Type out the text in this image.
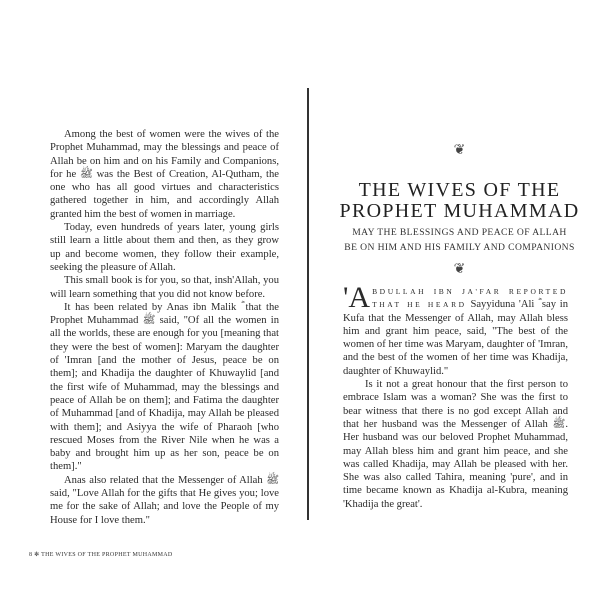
Among the best of women were the wives of the Prophet Muhammad, may the blessings and peace of Allah be on him and on his Family and Companions, for he ﷺ was the Best of Creation, Al-Qutham, the one who has all good virtues and characteristics gathered together in him, and accordingly Allah granted him the best of women in marriage.

Today, even hundreds of years later, young girls still learn a little about them and then, as they grow up and become women, they follow their example, seeking the pleasure of Allah.

This small book is for you, so that, insh'Allah, you will learn something that you did not know before.

It has been related by Anas ibn Malik ؓ that the Prophet Muhammad ﷺ said, "Of all the women in all the worlds, these are enough for you [meaning that they were the best of women]: Maryam the daughter of 'Imran [and the mother of Jesus, peace be on them]; and Khadija the daughter of Khuwaylid [and the first wife of Muhammad, may the blessings and peace of Allah be on them]; and Fatima the daughter of Muhammad [and of Khadija, may Allah be pleased with them]; and Asiyya the wife of Pharaoh [who rescued Moses from the River Nile when he was a baby and brought him up as her son, peace be on them]."

Anas also related that the Messenger of Allah ﷺ said, "Love Allah for the gifts that He gives you; love me for the sake of Allah; and love the People of my House for I love them."

8 ✻ THE WIVES OF THE PROPHET MUHAMMAD
❦
THE WIVES OF THE
PROPHET MUHAMMAD
MAY THE BLESSINGS AND PEACE OF ALLAH
BE ON HIM AND HIS FAMILY AND COMPANIONS
❦

'ABDULLAH IBN JA'FAR REPORTED THAT HE HEARD Sayyiduna 'Ali ؓ say in Kufa that the Messenger of Allah, may Allah bless him and grant him peace, said, "The best of the women of her time was Maryam, daughter of 'Imran, and the best of the women of her time was Khadija, daughter of Khuwaylid."

Is it not a great honour that the first person to embrace Islam was a woman? She was the first to bear witness that there is no god except Allah and that her husband was the Messenger of Allah ﷺ. Her husband was our beloved Prophet Muhammad, may Allah bless him and grant him peace, and she was called Khadija, may Allah be pleased with her. She was also called Tahira, meaning 'pure', and in time became known as Khadija al-Kubra, meaning 'Khadija the great'.
